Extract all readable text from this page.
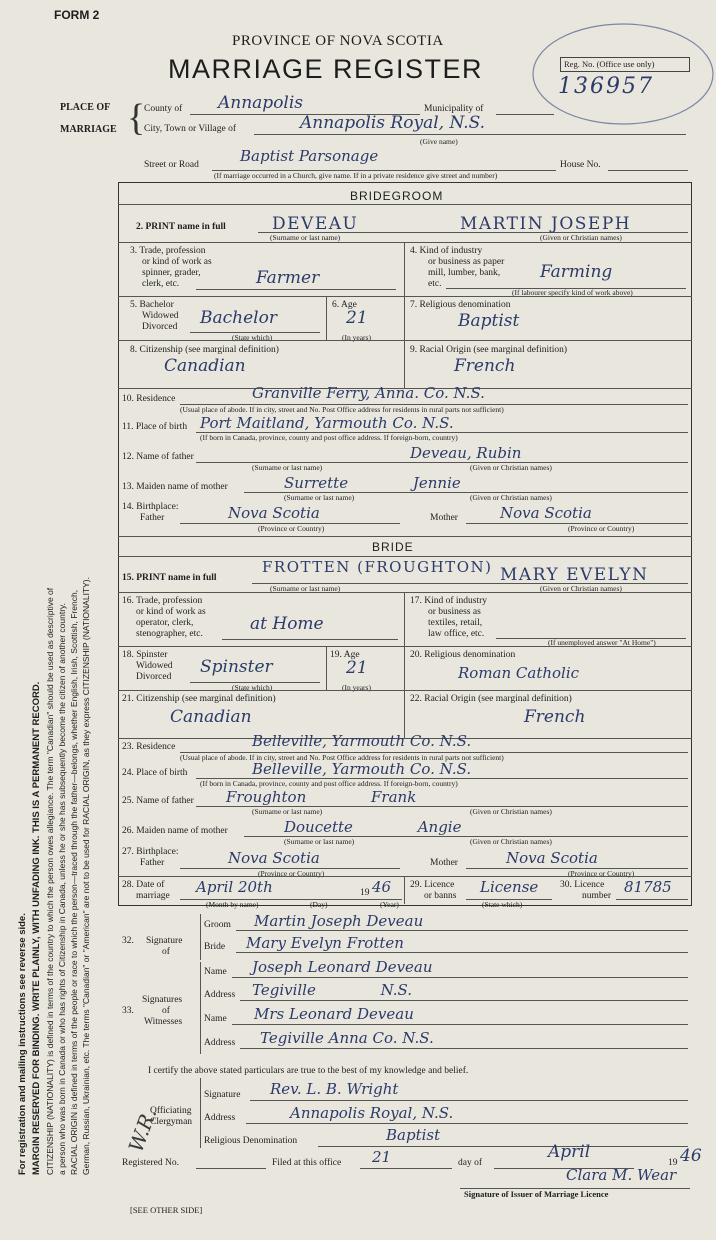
For registration and mailing instructions see reverse side. MARGIN RESERVED FOR BINDING. WRITE PLAINLY, WITH UNFADING INK. THIS IS A PERMANENT RECORD. CITIZENSHIP (NATIONALITY) is defined in terms of the country to which the person owes allegiance. The term "Canadian" should be used as descriptive of a person who was born in Canada or who has rights of Citizenship in Canada, unless he or she has subsequently become the citizen of another country. RACIAL ORIGIN is defined in terms of the people or race to which the person—traced through the father—belongs, whether English, Irish, Scottish, French, German, Russian, Ukrainian, etc. The terms "Canadian" or "American" are not to be used for RACIAL ORIGIN, as they express CITIZENSHIP (NATIONALITY).
FORM 2
PROVINCE OF NOVA SCOTIA
MARRIAGE REGISTER	Reg. No. (Office use only)
136957
PLACE OF
MARRIAGE {
County of Annapolis	Municipality of
City, Town or Village of	Annapolis Royal, N.S.
(Give name)
Street or Road	Baptist Parsonage	House No.
(If marriage occurred in a Church, give name. If in a private residence give street and number)
BRIDEGROOM
2. PRINT name in full	DEVEAU	MARTIN JOSEPH
(Surname or last name)	(Given or Christian names)
3. Trade, profession
or kind of work as
spinner, grader,
clerk, etc.	Farmer
4. Kind of industry
or business as paper
mill, lumber, bank,
etc.
Farming
(If labourer specify kind of work above)
5. Bachelor
Widowed
Divorced Bachelor
(State which)
6. Age
21
(In years)
7. Religious denomination
Baptist
8. Citizenship (see marginal definition)
Canadian
9. Racial Origin (see marginal definition)
French
10. Residence	Granville Ferry, Anna. Co. N.S.
(Usual place of abode. If in city, street and No. Post Office address for residents in rural parts not sufficient)
11. Place of birth Port Maitland, Yarmouth Co. N.S.
(If born in Canada, province, county and post office address. If foreign-born, country)
12. Name of father	Deveau, Rubin
(Surname or last name)	(Given or Christian names)
13. Maiden name of mother	Surrette Jennie
(Surname or last name)	(Given or Christian names)
14. Birthplace:
Father	Nova Scotia	Mother	Nova Scotia
(Province or Country)	(Province or Country)
BRIDE
15. PRINT name in full
FROTTEN (FROUGHTON) MARY EVELYN
(Surname or last name)	(Given or Christian names)
16. Trade, profession
or kind of work as
operator, clerk,
stenographer, etc.	at Home
17. Kind of industry
or business as
textiles, retail,
law office, etc.
(If unemployed answer "At Home")
18. Spinster
Widowed
Divorced Spinster
(State which)
19. Age
21
(In years)
20. Religious denomination
Roman Catholic
21. Citizenship (see marginal definition)
Canadian
22. Racial Origin (see marginal definition)
French
23. Residence	Belleville, Yarmouth Co. N.S.
(Usual place of abode. If in city, street and No. Post Office address for residents in rural parts not sufficient)
24. Place of birth	Belleville, Yarmouth Co. N.S.
(If born in Canada, province, county and post office address. If foreign-born, country)
25. Name of father Froughton Frank
(Surname or last name)	(Given or Christian names)
26. Maiden name of mother	Doucette Angie
(Surname or last name)	(Given or Christian names)
27. Birthplace:
Father	Nova Scotia	Mother	Nova Scotia
(Province or Country)	(Province or Country)
28. Date of
marriage April 20th	19 46
(Month by name)	(Day)	(Year)
29. Licence
or banns License
(State which)
30. Licence
number 81785
32. Signature
of
Groom Martin Joseph Deveau
Bride Mary Evelyn Frotten
33.
Signatures
of
Witnesses
Name Joseph Leonard Deveau
Address Tegiville N.S.
Name Mrs Leonard Deveau
Address Tegiville Anna Co. N.S.
I certify the above stated particulars are true to the best of my knowledge and belief.
Officiating
Clergyman
W.R.
Signature Rev. L. B. Wright
Address	Annapolis Royal, N.S.
Religious Denomination	Baptist
Registered No.	Filed at this office 21	day of
April
19 46
Clara M. Wear
Signature of Issuer of Marriage Licence
[SEE OTHER SIDE]
